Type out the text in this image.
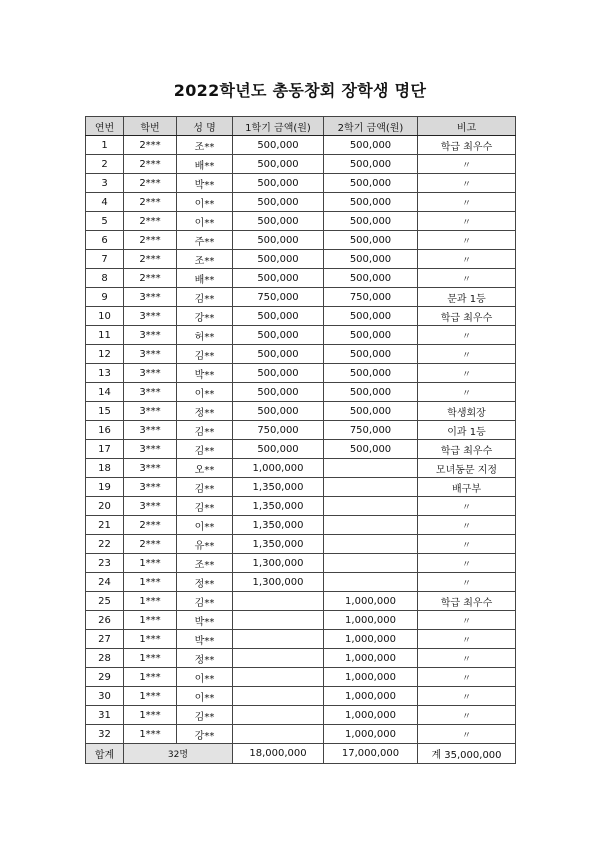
2022학년도 총동창회 장학생 명단
연번	학번	성 명	1학기 금액(원)	2학기 금액(원)	비고
1	2***	조**	500,000	500,000	학급 최우수
2	2***	배**	500,000	500,000	〃
3	2***	박**	500,000	500,000	〃
4	2***	이**	500,000	500,000	〃
5	2***	이**	500,000	500,000	〃
6	2***	주**	500,000	500,000	〃
7	2***	조**	500,000	500,000	〃
8	2***	배**	500,000	500,000	〃
9	3***	김**	750,000	750,000	문과 1등
10	3***	강**	500,000	500,000	학급 최우수
11	3***	허**	500,000	500,000	〃
12	3***	김**	500,000	500,000	〃
13	3***	박**	500,000	500,000	〃
14	3***	이**	500,000	500,000	〃
15	3***	정**	500,000	500,000	학생회장
16	3***	김**	750,000	750,000	이과 1등
17	3***	김**	500,000	500,000	학급 최우수
18	3***	오**	1,000,000		모녀동문 지정
19	3***	김**	1,350,000		배구부
20	3***	김**	1,350,000		〃
21	2***	이**	1,350,000		〃
22	2***	유**	1,350,000		〃
23	1***	조**	1,300,000		〃
24	1***	정**	1,300,000		〃
25	1***	김**		1,000,000	학급 최우수
26	1***	박**		1,000,000	〃
27	1***	박**		1,000,000	〃
28	1***	정**		1,000,000	〃
29	1***	이**		1,000,000	〃
30	1***	이**		1,000,000	〃
31	1***	김**		1,000,000	〃
32	1***	강**		1,000,000	〃
합계	32명		18,000,000	17,000,000	계 35,000,000
